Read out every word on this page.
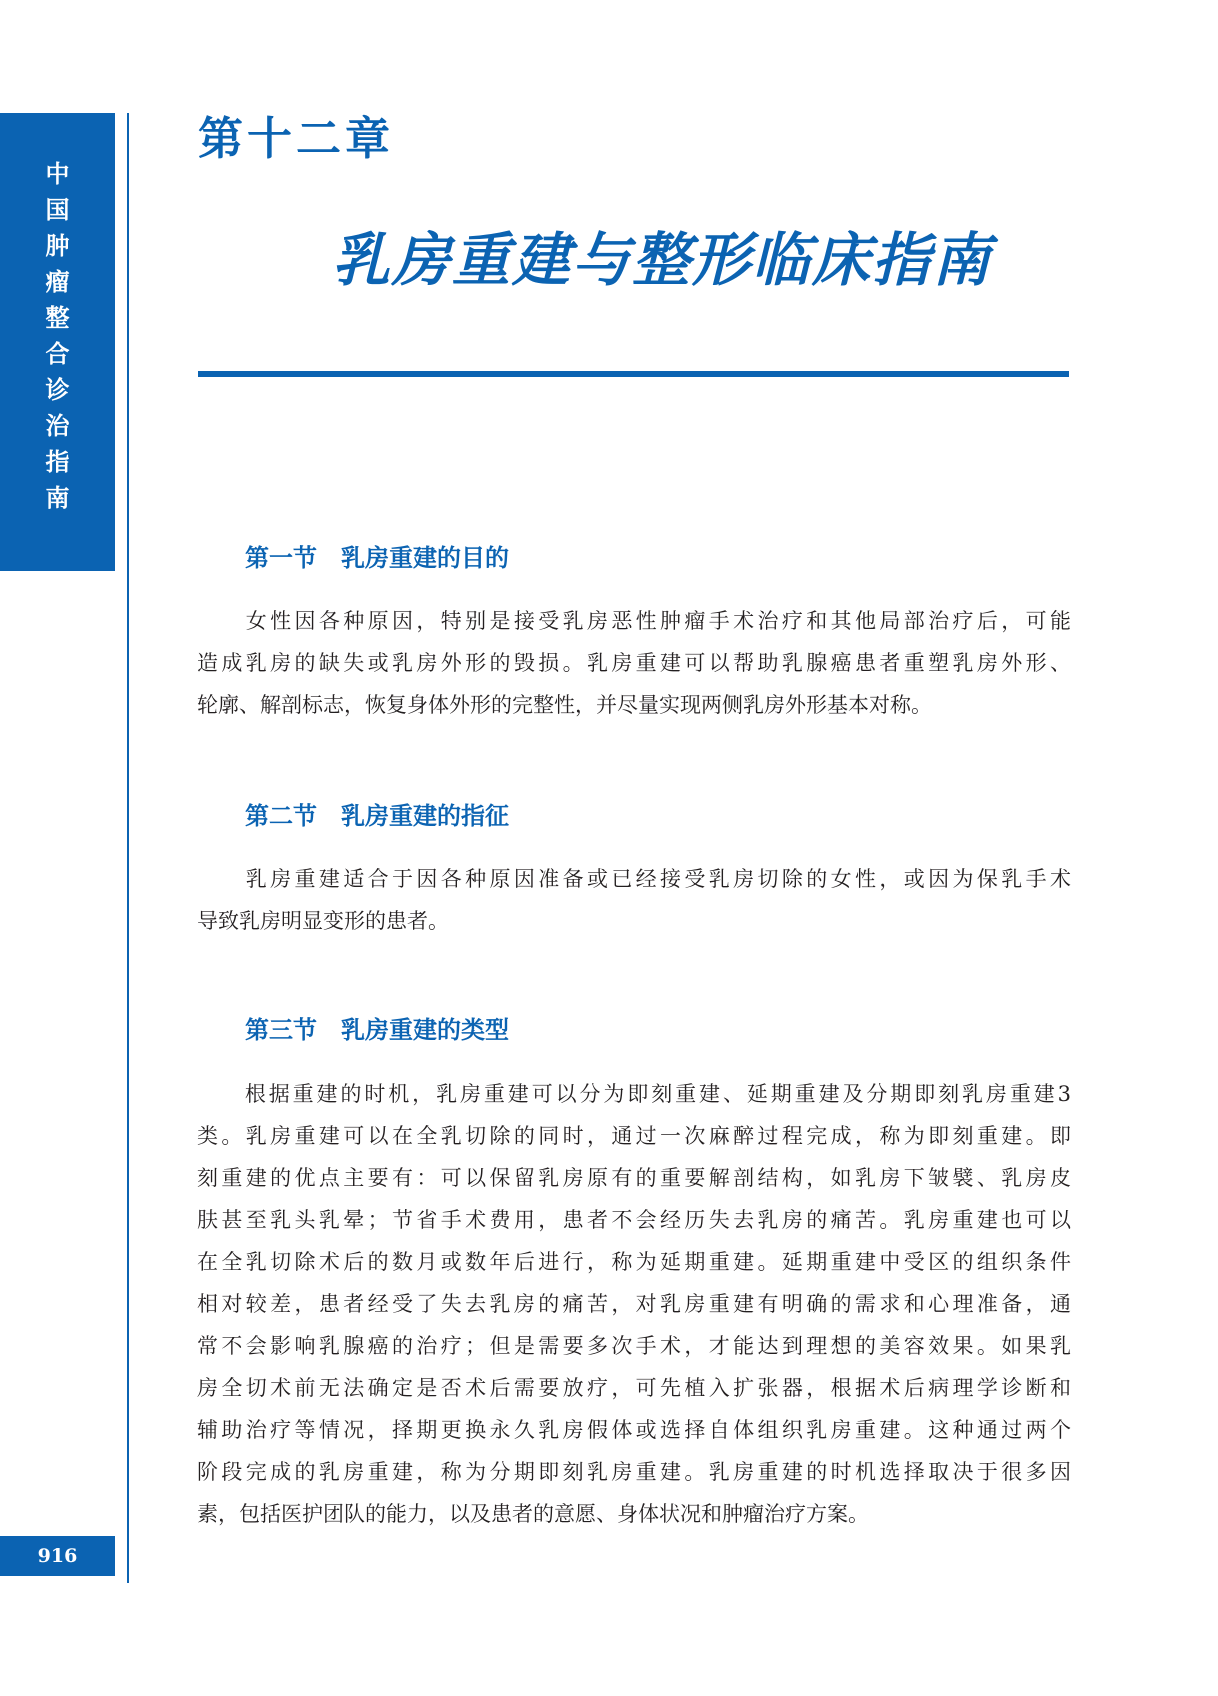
中
国
肿
瘤
整
合
诊
治
指
南
916
第十二章
乳房重建与整形临床指南
第一节　乳房重建的目的
　　女性因各种原因，特别是接受乳房恶性肿瘤手术治疗和其他局部治疗后，可能
造成乳房的缺失或乳房外形的毁损。乳房重建可以帮助乳腺癌患者重塑乳房外形、
轮廓、解剖标志，恢复身体外形的完整性，并尽量实现两侧乳房外形基本对称。
第二节　乳房重建的指征
　　乳房重建适合于因各种原因准备或已经接受乳房切除的女性，或因为保乳手术
导致乳房明显变形的患者。
第三节　乳房重建的类型
　　根据重建的时机，乳房重建可以分为即刻重建、延期重建及分期即刻乳房重建3
类。乳房重建可以在全乳切除的同时，通过一次麻醉过程完成，称为即刻重建。即
刻重建的优点主要有：可以保留乳房原有的重要解剖结构，如乳房下皱襞、乳房皮
肤甚至乳头乳晕；节省手术费用，患者不会经历失去乳房的痛苦。乳房重建也可以
在全乳切除术后的数月或数年后进行，称为延期重建。延期重建中受区的组织条件
相对较差，患者经受了失去乳房的痛苦，对乳房重建有明确的需求和心理准备，通
常不会影响乳腺癌的治疗；但是需要多次手术，才能达到理想的美容效果。如果乳
房全切术前无法确定是否术后需要放疗，可先植入扩张器，根据术后病理学诊断和
辅助治疗等情况，择期更换永久乳房假体或选择自体组织乳房重建。这种通过两个
阶段完成的乳房重建，称为分期即刻乳房重建。乳房重建的时机选择取决于很多因
素，包括医护团队的能力，以及患者的意愿、身体状况和肿瘤治疗方案。
